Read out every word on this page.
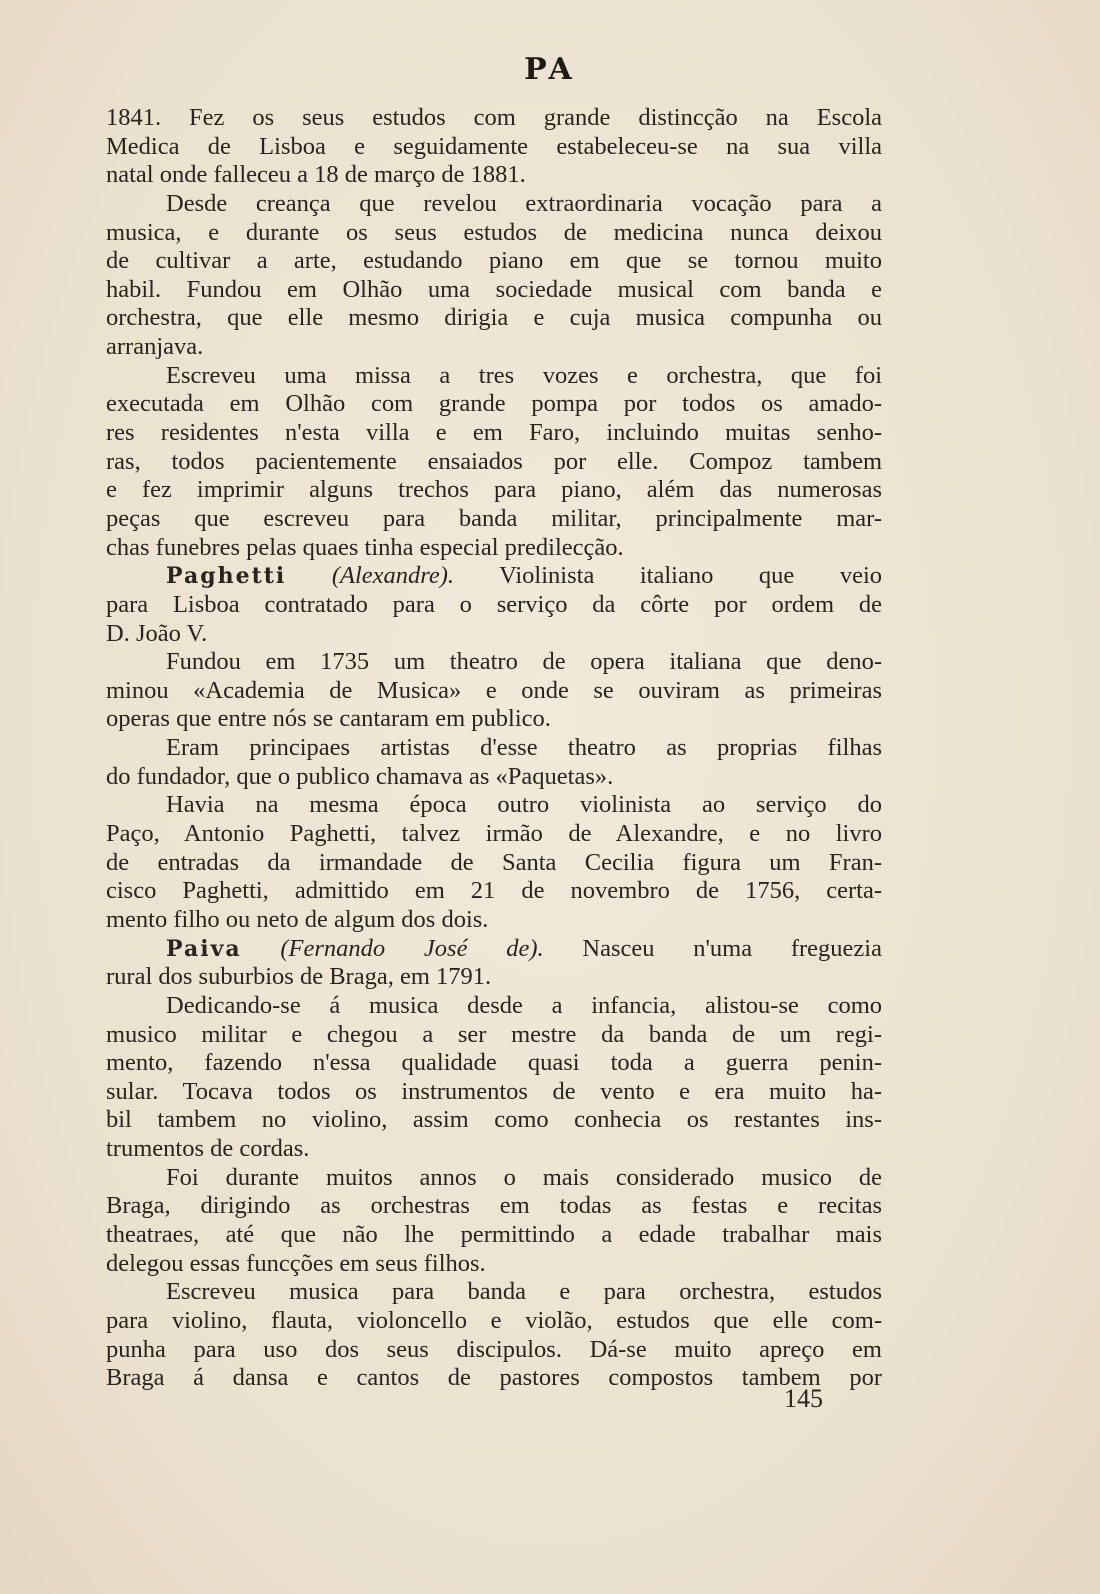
PA
1841. Fez os seus estudos com grande distincção na Escola
Medica de Lisboa e seguidamente estabeleceu-se na sua villa
natal onde falleceu a 18 de março de 1881.
Desde creança que revelou extraordinaria vocação para a
musica, e durante os seus estudos de medicina nunca deixou
de cultivar a arte, estudando piano em que se tornou muito
habil. Fundou em Olhão uma sociedade musical com banda e
orchestra, que elle mesmo dirigia e cuja musica compunha ou
arranjava.
Escreveu uma missa a tres vozes e orchestra, que foi
executada em Olhão com grande pompa por todos os amado-
res residentes n'esta villa e em Faro, incluindo muitas senho-
ras, todos pacientemente ensaiados por elle. Compoz tambem
e fez imprimir alguns trechos para piano, além das numerosas
peças que escreveu para banda militar, principalmente mar-
chas funebres pelas quaes tinha especial predilecção.
Paghetti (Alexandre). Violinista italiano que veio
para Lisboa contratado para o serviço da côrte por ordem de
D. João V.
Fundou em 1735 um theatro de opera italiana que deno-
minou «Academia de Musica» e onde se ouviram as primeiras
operas que entre nós se cantaram em publico.
Eram principaes artistas d'esse theatro as proprias filhas
do fundador, que o publico chamava as «Paquetas».
Havia na mesma época outro violinista ao serviço do
Paço, Antonio Paghetti, talvez irmão de Alexandre, e no livro
de entradas da irmandade de Santa Cecilia figura um Fran-
cisco Paghetti, admittido em 21 de novembro de 1756, certa-
mento filho ou neto de algum dos dois.
Paiva (Fernando José de). Nasceu n'uma freguezia
rural dos suburbios de Braga, em 1791.
Dedicando-se á musica desde a infancia, alistou-se como
musico militar e chegou a ser mestre da banda de um regi-
mento, fazendo n'essa qualidade quasi toda a guerra penin-
sular. Tocava todos os instrumentos de vento e era muito ha-
bil tambem no violino, assim como conhecia os restantes ins-
trumentos de cordas.
Foi durante muitos annos o mais considerado musico de
Braga, dirigindo as orchestras em todas as festas e recitas
theatraes, até que não lhe permittindo a edade trabalhar mais
delegou essas funcções em seus filhos.
Escreveu musica para banda e para orchestra, estudos
para violino, flauta, violoncello e violão, estudos que elle com-
punha para uso dos seus discipulos. Dá-se muito apreço em
Braga á dansa e cantos de pastores compostos tambem por
145
